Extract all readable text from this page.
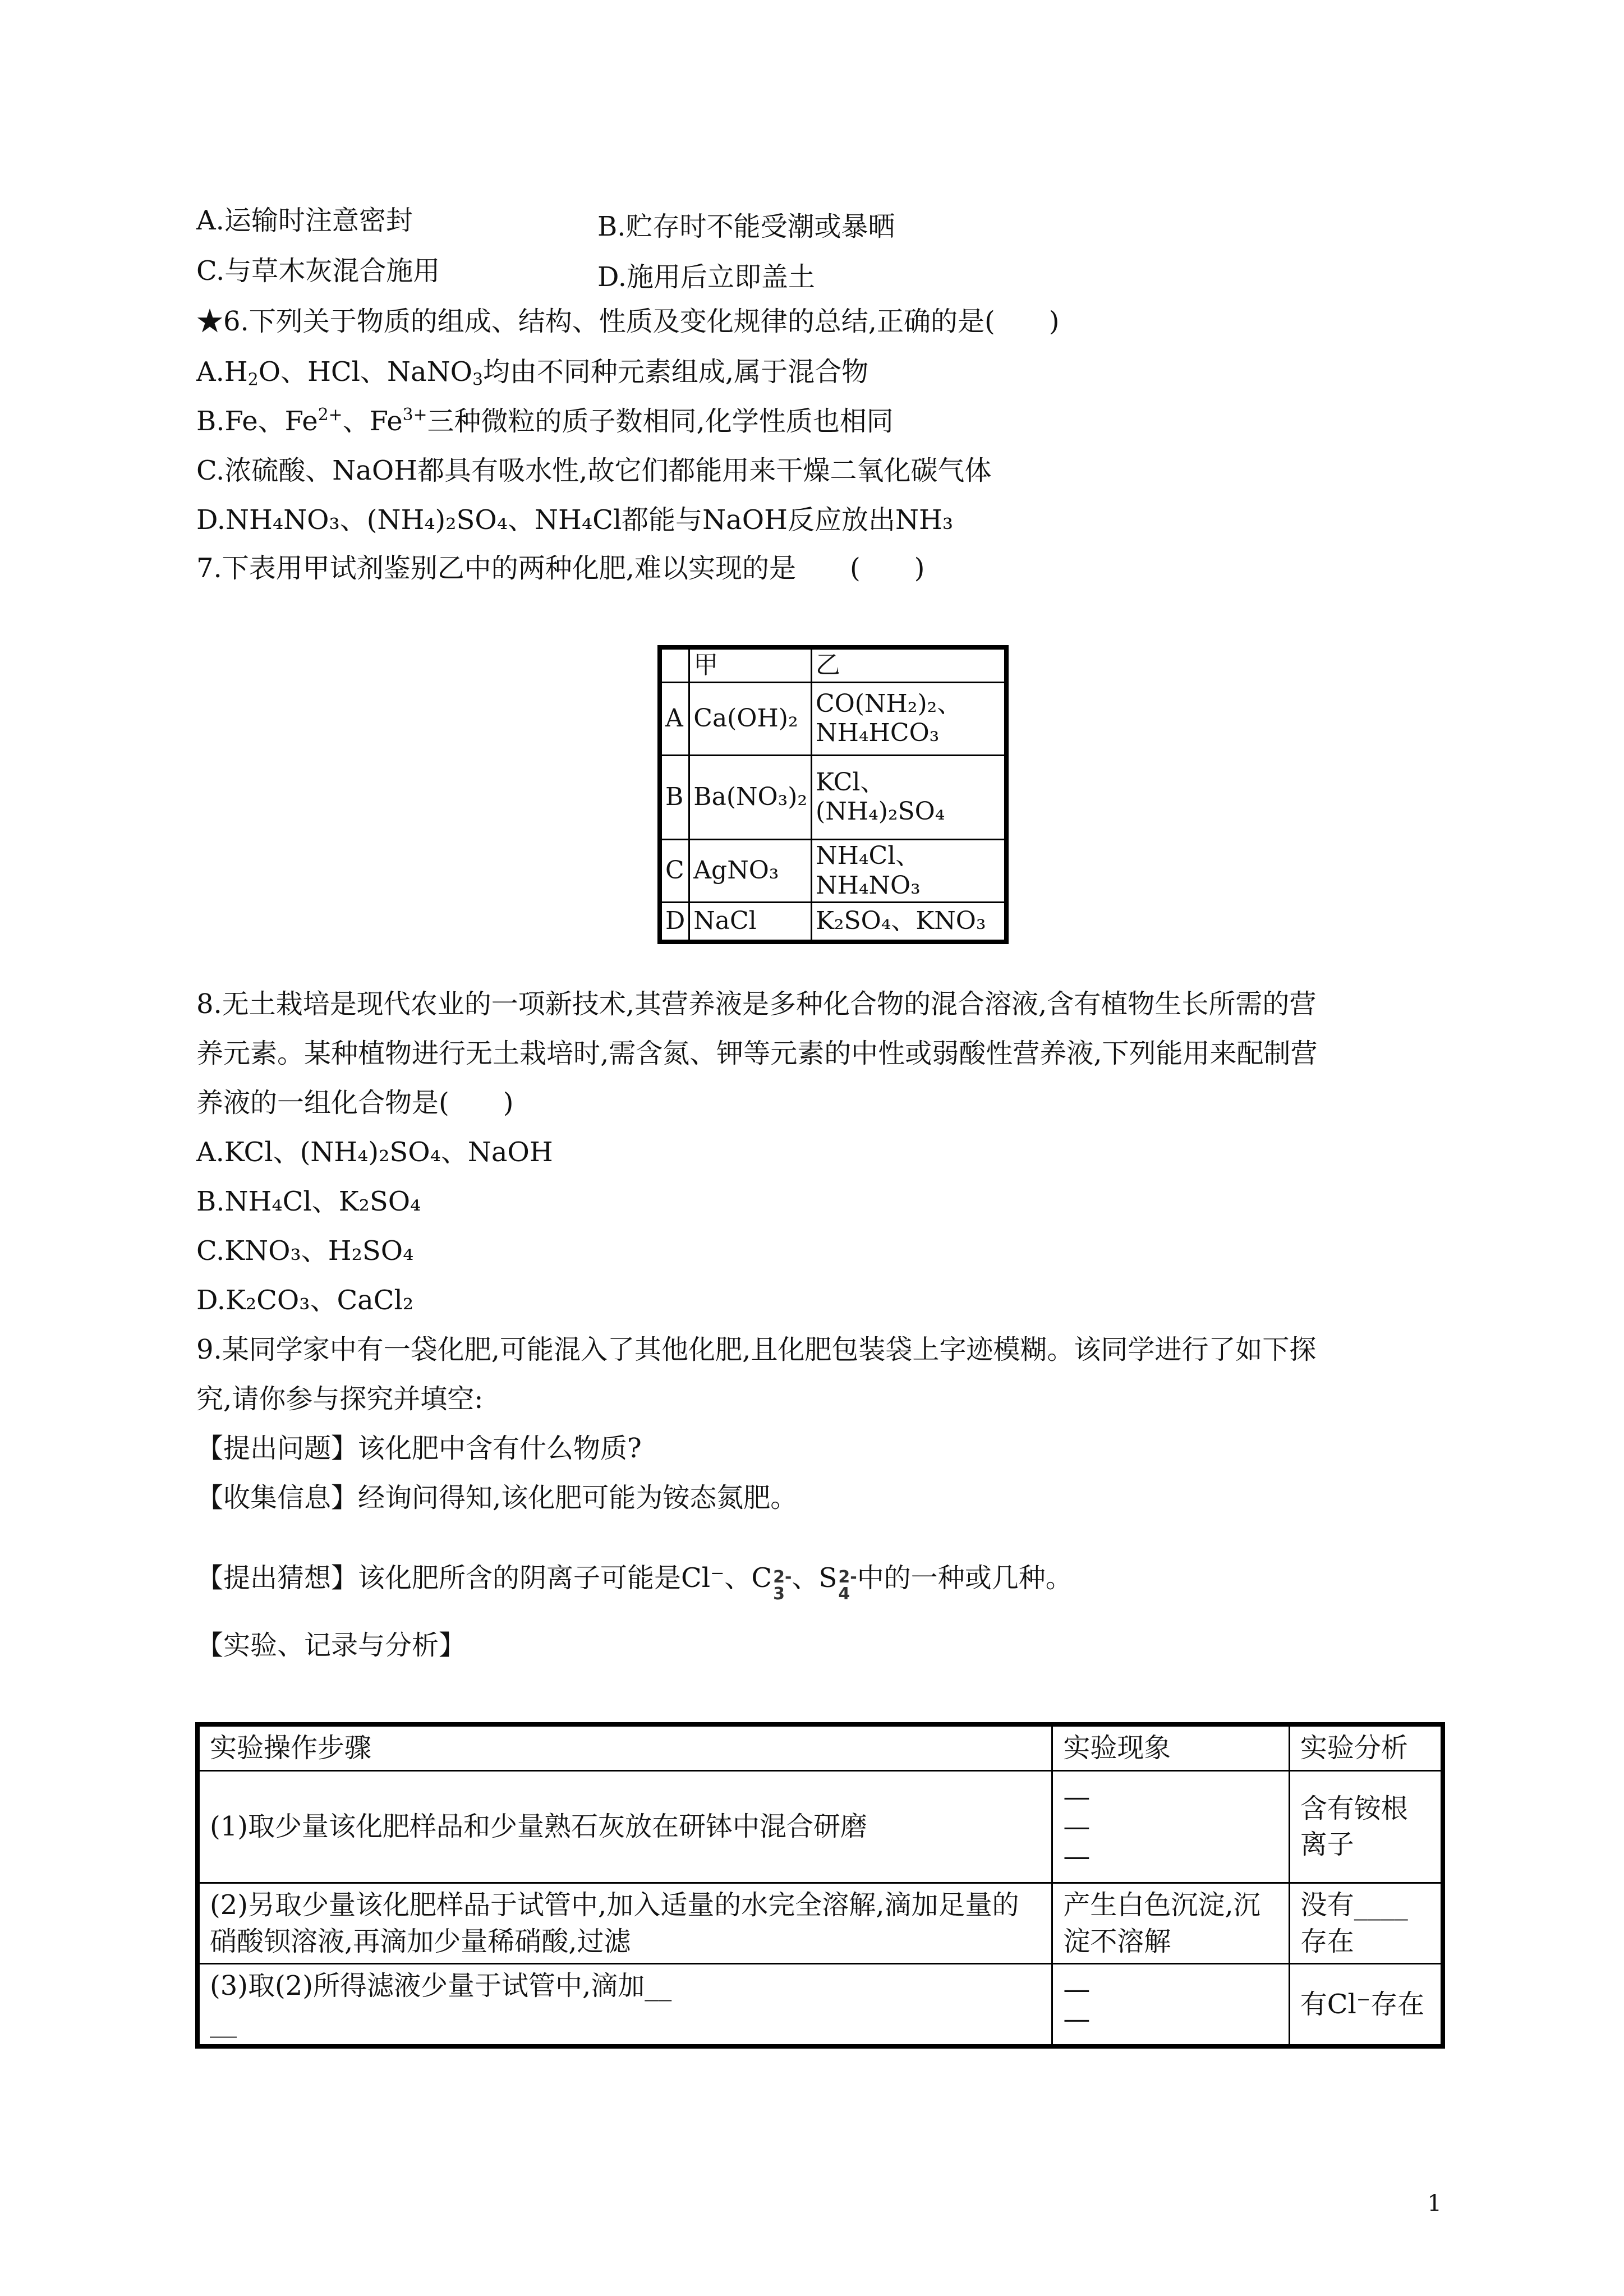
A.运输时注意密封	B.贮存时不能受潮或暴晒
C.与草木灰混合施用	D.施用后立即盖土
★6.下列关于物质的组成、结构、性质及变化规律的总结,正确的是(　　)
$A.H_2O$、HCl、NaNO$_3$均由不同种元素组成,属于混合物
B.Fe、$Fe^{2+}$、$Fe^{3+}$三种微粒的质子数相同,化学性质也相同
C.浓硫酸、NaOH都具有吸水性,故它们都能用来干燥二氧化碳气体
D.NH₄NO₃、(NH₄)₂SO₄、NH₄Cl都能与NaOH反应放出NH₃
7.下表用甲试剂鉴别乙中的两种化肥,难以实现的是　　(　　)
	甲	乙
A	Ca(OH)₂	CO(NH₂)₂、NH₄HCO₃
B	Ba(NO₃)₂	KCl、(NH₄)₂SO₄
C	AgNO₃	NH₄Cl、NH₄NO₃
D	NaCl	K₂SO₄、KNO₃
8.无土栽培是现代农业的一项新技术,其营养液是多种化合物的混合溶液,含有植物生长所需的营
养元素。某种植物进行无土栽培时,需含氮、钾等元素的中性或弱酸性营养液,下列能用来配制营
养液的一组化合物是(　　)
A.KCl、(NH₄)₂SO₄、NaOH
B.NH₄Cl、K₂SO₄
C.KNO₃、H₂SO₄
D.K₂CO₃、CaCl₂
9.某同学家中有一袋化肥,可能混入了其他化肥,且化肥包装袋上字迹模糊。该同学进行了如下探
究,请你参与探究并填空:
【提出问题】该化肥中含有什么物质?
【收集信息】经询问得知,该化肥可能为铵态氮肥。
【提出猜想】该化肥所含的阴离子可能是Cl⁻、C 2-
3
、S 2-
4
中的一种或几种。
【实验、记录与分析】
实验操作步骤	实验现象	实验分析
(1)取少量该化肥样品和少量熟石灰放在研钵中混合研磨	—
—
—	含有铵根离子
(2)另取少量该化肥样品于试管中,加入适量的水完全溶解,滴加足量的硝酸钡溶液,再滴加少量稀硝酸,过滤	产生白色沉淀,沉淀不溶解	没有____存在
(3)取(2)所得滤液少量于试管中,滴加__
__	—
—	有Cl⁻存在
1
